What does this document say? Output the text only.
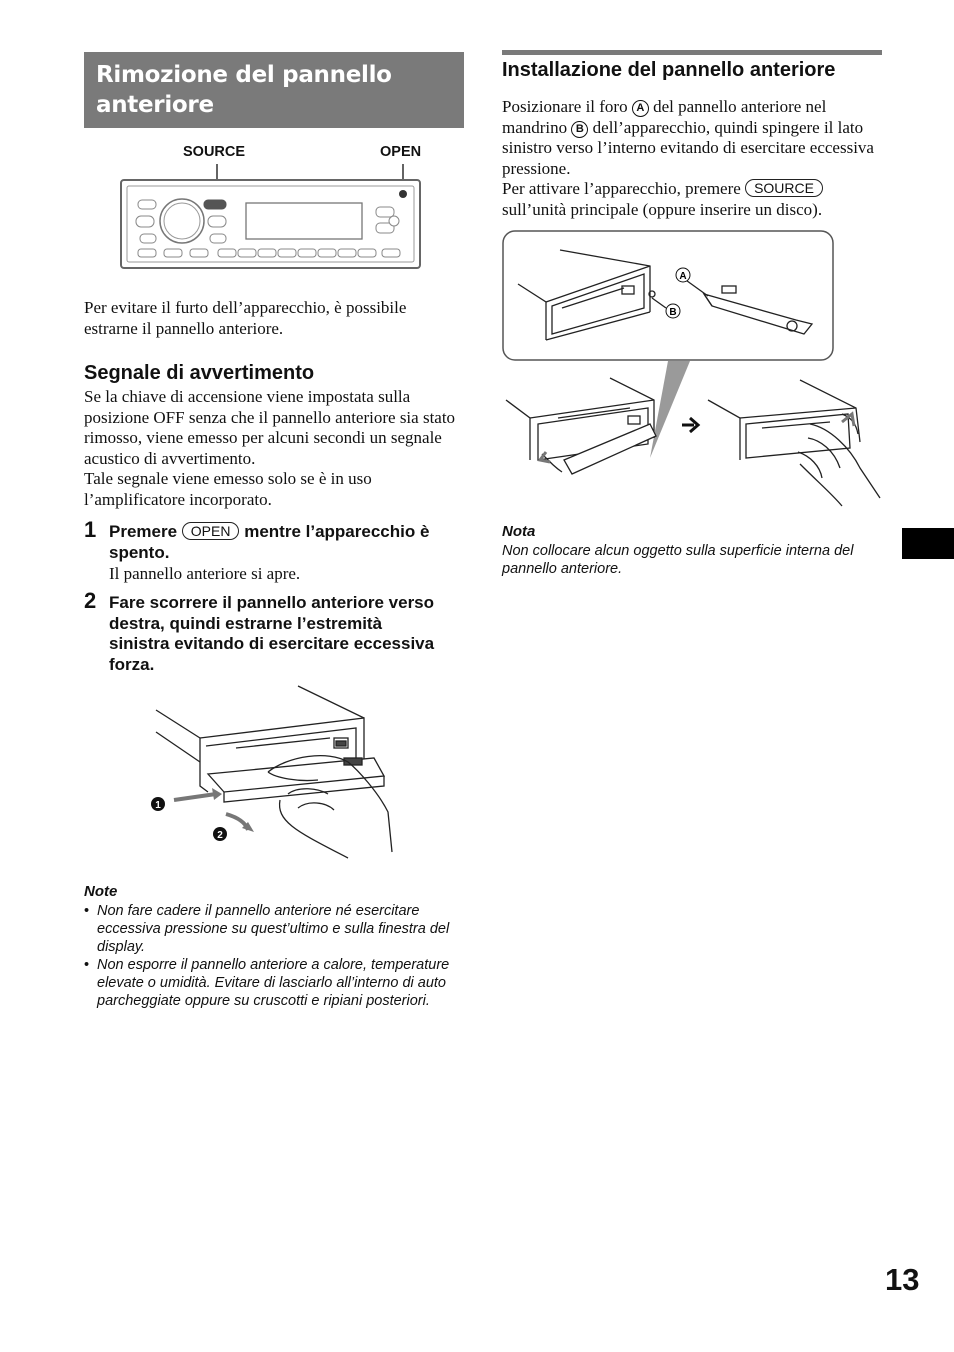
Rimozione del pannello
anteriore
SOURCE	OPEN
Per evitare il furto dell’apparecchio, è possibile estrarne il pannello anteriore.
Segnale di avvertimento
Se la chiave di accensione viene impostata sulla posizione OFF senza che il pannello anteriore sia stato rimosso, viene emesso per alcuni secondi un segnale acustico di avvertimento.
Tale segnale viene emesso solo se è in uso l’amplificatore incorporato.
1 Premere OPEN mentre l’apparecchio è spento.
Il pannello anteriore si apre.
2 Fare scorrere il pannello anteriore verso destra, quindi estrarne l’estremità sinistra evitando di esercitare eccessiva forza.
1
2
Note
• Non fare cadere il pannello anteriore né esercitare eccessiva pressione su quest’ultimo e sulla finestra del display.
• Non esporre il pannello anteriore a calore, temperature elevate o umidità. Evitare di lasciarlo all’interno di auto parcheggiate oppure su cruscotti e ripiani posteriori.
Installazione del pannello anteriore
Posizionare il foro A del pannello anteriore nel mandrino B dell’apparecchio, quindi spingere il lato sinistro verso l’interno evitando di esercitare eccessiva pressione.
Per attivare l’apparecchio, premere SOURCE sull’unità principale (oppure inserire un disco).
A
B
Nota
Non collocare alcun oggetto sulla superficie interna del pannello anteriore.
13
